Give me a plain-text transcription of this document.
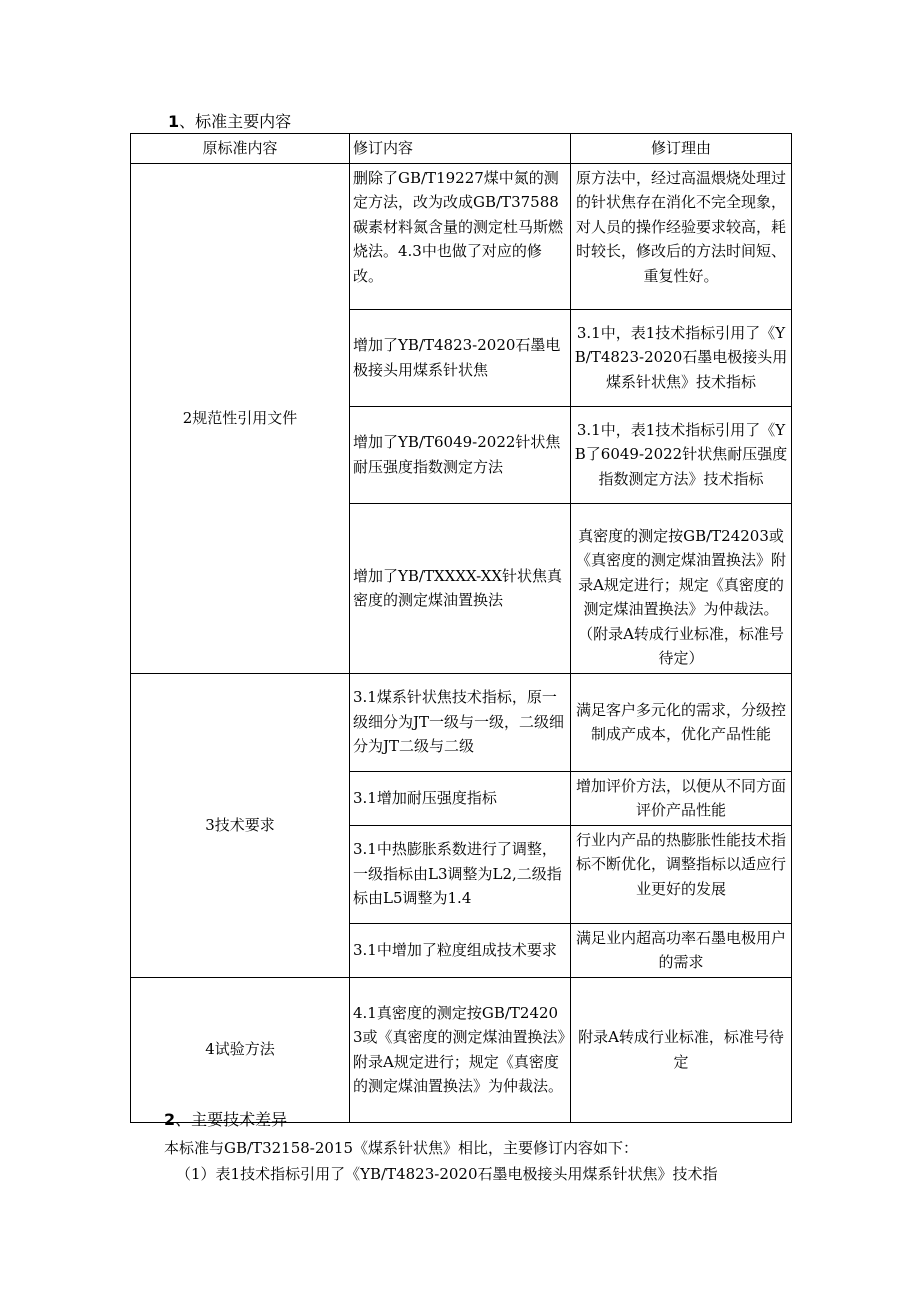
1、标准主要内容
原标准内容	修订内容	修订理由
2规范性引用文件	删除了GB/T19227煤中氮的测定方法，改为改成GB/T37588碳素材料氮含量的测定杜马斯燃烧法。4.3中也做了对应的修改。	原方法中，经过高温煨烧处理过的针状焦存在消化不完全现象，对人员的操作经验要求较高，耗时较长，修改后的方法时间短、重复性好。
	增加了YB/T4823-2020石墨电极接头用煤系针状焦	3.1中，表1技术指标引用了《YB/T4823-2020石墨电极接头用煤系针状焦》技术指标
	增加了YB/T6049-2022针状焦耐压强度指数测定方法	3.1中，表1技术指标引用了《YB了6049-2022针状焦耐压强度指数测定方法》技术指标
	增加了YB/TXXXX-XX针状焦真密度的测定煤油置换法	真密度的测定按GB/T24203或《真密度的测定煤油置换法》附录A规定进行；规定《真密度的测定煤油置换法》为仲裁法。（附录A转成行业标准，标准号待定）
3技术要求	3.1煤系针状焦技术指标，原一级细分为JT一级与一级，二级细分为JT二级与二级	满足客户多元化的需求，分级控制成产成本，优化产品性能
	3.1增加耐压强度指标	增加评价方法，以便从不同方面评价产品性能
	3.1中热膨胀系数进行了调整，一级指标由L3调整为L2,二级指标由L5调整为1.4	行业内产品的热膨胀性能技术指标不断优化，调整指标以适应行业更好的发展
	3.1中增加了粒度组成技术要求	满足业内超高功率石墨电极用户的需求
4试验方法	4.1真密度的测定按GB/T24203或《真密度的测定煤油置换法》附录A规定进行；规定《真密度的测定煤油置换法》为仲裁法。	附录A转成行业标准，标准号待定
2、主要技术差异
本标准与GB/T32158-2015《煤系针状焦》相比，主要修订内容如下：
（1）表1技术指标引用了《YB/T4823-2020石墨电极接头用煤系针状焦》技术指
